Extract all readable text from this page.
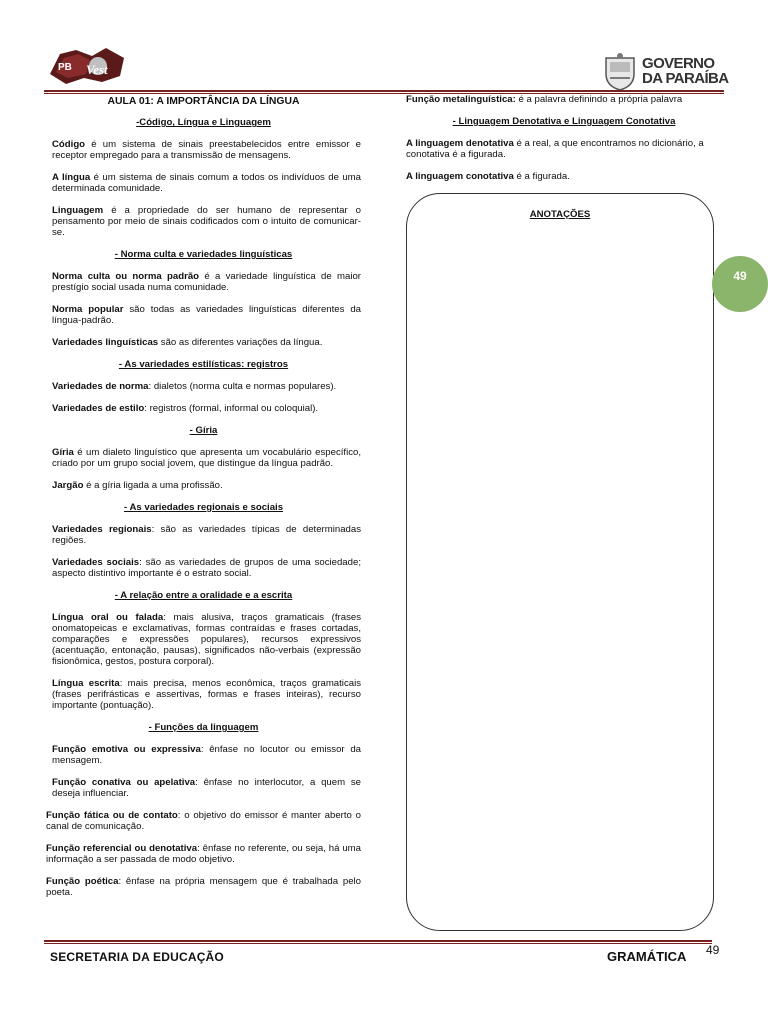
PB Vest	GOVERNO
DA PARAÍBA
AULA 01: A IMPORTÂNCIA DA LÍNGUA
-Código, Língua e Linguagem
Código é um sistema de sinais preestabelecidos entre emissor e receptor empregado para a transmissão de mensagens.
A língua é um sistema de sinais comum a todos os indivíduos de uma determinada comunidade.
Linguagem é a propriedade do ser humano de representar o pensamento por meio de sinais codificados com o intuito de comunicar-se.
- Norma culta e variedades linguísticas
Norma culta ou norma padrão é a variedade linguística de maior prestígio social usada numa comunidade.
Norma popular são todas as variedades linguísticas diferentes da língua-padrão.
Variedades linguísticas são as diferentes variações da língua.
- As variedades estilísticas: registros
Variedades de norma: dialetos (norma culta e normas populares).
Variedades de estilo: registros (formal, informal ou coloquial).
- Gíria
Gíria é um dialeto linguístico que apresenta um vocabulário específico, criado por um grupo social jovem, que distingue da língua padrão.
Jargão é a gíria ligada a uma profissão.
- As variedades regionais e sociais
Variedades regionais: são as variedades típicas de determinadas regiões.
Variedades sociais: são as variedades de grupos de uma sociedade; aspecto distintivo importante é o estrato social.
- A relação entre a oralidade e a escrita
Língua oral ou falada: mais alusiva, traços gramaticais (frases onomatopeicas e exclamativas, formas contraídas e frases cortadas, comparações e expressões populares), recursos expressivos (acentuação, entonação, pausas), significados não-verbais (expressão fisionômica, gestos, postura corporal).
Língua escrita: mais precisa, menos econômica, traços gramaticais (frases perifrásticas e assertivas, formas e frases inteiras), recurso importante (pontuação).
- Funções da linguagem
Função emotiva ou expressiva: ênfase no locutor ou emissor da mensagem.
Função conativa ou apelativa: ênfase no interlocutor, a quem se deseja influenciar.
Função fática ou de contato: o objetivo do emissor é manter aberto o canal de comunicação.
Função referencial ou denotativa: ênfase no referente, ou seja, há uma informação a ser passada de modo objetivo.
Função poética: ênfase na própria mensagem que é trabalhada pelo poeta.
Função metalinguística: é a palavra definindo a própria palavra
- Linguagem Denotativa e Linguagem Conotativa
A linguagem denotativa é a real, a que encontramos no dicionário, a conotativa é a figurada.
A linguagem conotativa é a figurada.
ANOTAÇÕES
49
SECRETARIA DA EDUCAÇÃO	GRAMÁTICA 49
